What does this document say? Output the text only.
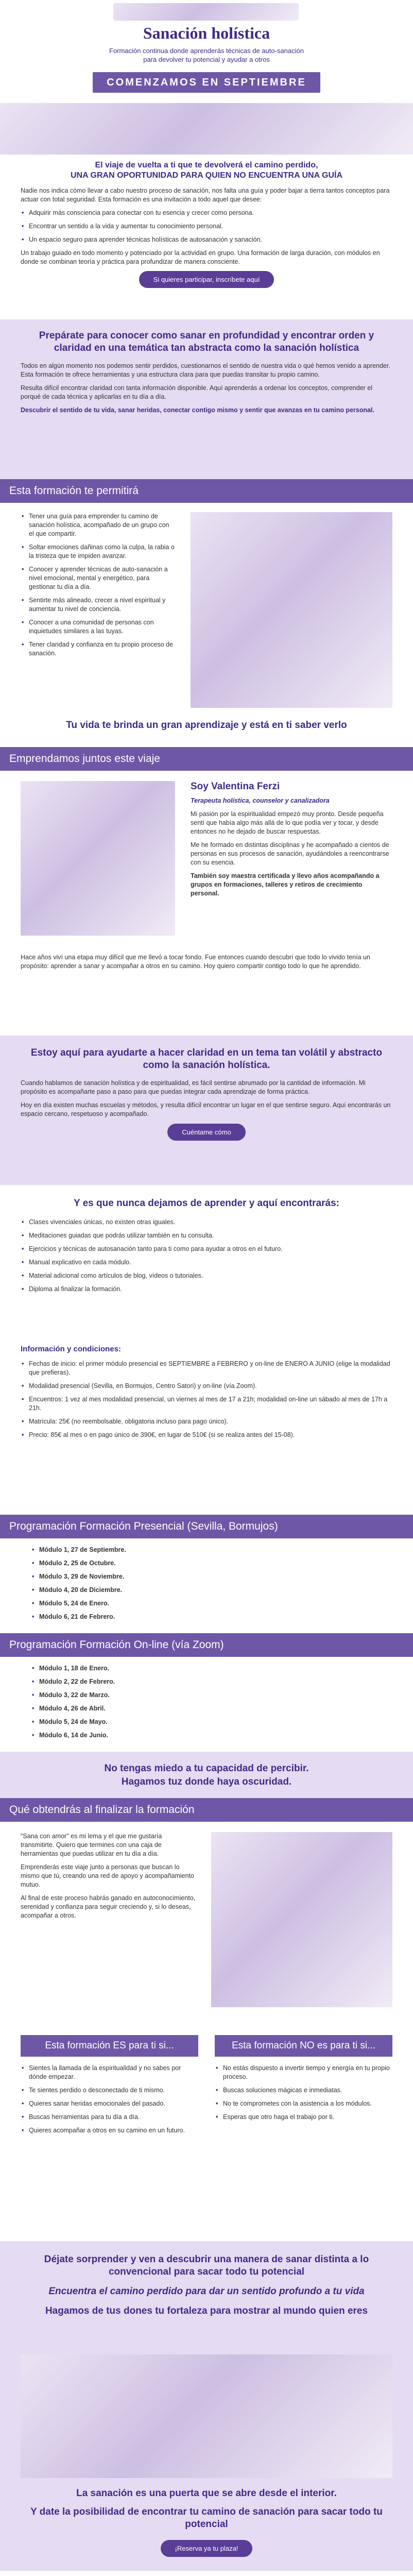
Sanación holística

Formación continua donde aprenderás técnicas de auto-sanación para devolver tu potencial y ayudar a otros

COMENZAMOS EN SEPTIEMBRE
El viaje de vuelta a ti que te devolverá el camino perdido,
UNA GRAN OPORTUNIDAD PARA QUIEN NO ENCUENTRA UNA GUÍA

Nadie nos indica cómo llevar a cabo nuestro proceso de sanación, nos falta una guía y poder bajar a tierra tantos conceptos para actuar con total seguridad. Esta formación es una invitación a todo aquel que desee:

• Adquirir más consciencia para conectar con tu esencia y crecer como persona.
• Encontrar un sentido a la vida y aumentar tu conocimiento personal.
• Un espacio seguro para aprender técnicas holísticas de autosanación y sanación.

Un trabajo guiado en todo momento y potenciado por la actividad en grupo. Una formación de larga duración, con módulos en donde se combinan teoría y práctica para profundizar de manera consciente.

Si quieres participar, inscríbete aquí
Prepárate para conocer como sanar en profundidad y encontrar orden y claridad en una temática tan abstracta como la sanación holística

Todos en algún momento nos podemos sentir perdidos, cuestionarnos el sentido de nuestra vida o qué hemos venido a aprender. Esta formación te ofrece herramientas y una estructura clara para que puedas transitar tu propio camino.

Resulta difícil encontrar claridad con tanta información disponible. Aquí aprenderás a ordenar los conceptos, comprender el porqué de cada técnica y aplicarlas en tu día a día.

Descubrir el sentido de tu vida, sanar heridas, conectar contigo mismo y sentir que avanzas en tu camino personal.

Esta formación te permitirá
• Tener una guía para emprender tu camino de sanación holística, acompañado de un grupo con el que compartir.
• Soltar emociones dañinas como la culpa, la rabia o la tristeza que te impiden avanzar.
• Conocer y aprender técnicas de auto-sanación a nivel emocional, mental y energético, para gestionar tu día a día.
• Sentirte más alineado, crecer a nivel espiritual y aumentar tu nivel de conciencia.
• Conocer a una comunidad de personas con inquietudes similares a las tuyas.
• Tener claridad y confianza en tu propio proceso de sanación.
Tu vida te brinda un gran aprendizaje y está en ti saber verlo
Emprendamos juntos este viaje
Soy Valentina Ferzi

Terapeuta holística, counselor y canalizadora

Mi pasión por la espiritualidad empezó muy pronto. Desde pequeña sentí que había algo más allá de lo que podía ver y tocar, y desde entonces no he dejado de buscar respuestas.

Me he formado en distintas disciplinas y he acompañado a cientos de personas en sus procesos de sanación, ayudándoles a reencontrarse con su esencia.

También soy maestra certificada y llevo años acompañando a grupos en formaciones, talleres y retiros de crecimiento personal.

Hace años viví una etapa muy difícil que me llevó a tocar fondo. Fue entonces cuando descubrí que todo lo vivido tenía un propósito: aprender a sanar y acompañar a otros en su camino. Hoy quiero compartir contigo todo lo que he aprendido.

Estoy aquí para ayudarte a hacer claridad en un tema tan volátil y abstracto como la sanación holística.

Cuando hablamos de sanación holística y de espiritualidad, es fácil sentirse abrumado por la cantidad de información. Mi propósito es acompañarte paso a paso para que puedas integrar cada aprendizaje de forma práctica.

Hoy en día existen muchas escuelas y métodos, y resulta difícil encontrar un lugar en el que sentirse seguro. Aquí encontrarás un espacio cercano, respetuoso y acompañado.

Cuéntame cómo
Y es que nunca dejamos de aprender y aquí encontrarás:
• Clases vivenciales únicas, no existen otras iguales.
• Meditaciones guiadas que podrás utilizar también en tu consulta.
• Ejercicios y técnicas de autosanación tanto para ti como para ayudar a otros en el futuro.
• Manual explicativo en cada módulo.
• Material adicional como artículos de blog, vídeos o tutoriales.
• Diploma al finalizar la formación.
Información y condiciones:
• Fechas de inicio: el primer módulo presencial es SEPTIEMBRE a FEBRERO y on-line de ENERO A JUNIO (elige la modalidad que prefieras).
• Modalidad presencial (Sevilla, en Bormujos, Centro Satori) y on-line (vía Zoom).
• Encuentros: 1 vez al mes modalidad presencial, un viernes al mes de 17 a 21h; modalidad on-line un sábado al mes de 17h a 21h.
• Matrícula: 25€ (no reembolsable, obligatoria incluso para pago único).
• Precio: 85€ al mes o en pago único de 390€, en lugar de 510€ (si se realiza antes del 15-08).
Programación Formación Presencial (Sevilla, Bormujos)
• Módulo 1, 27 de Septiembre.
• Módulo 2, 25 de Octubre.
• Módulo 3, 29 de Noviembre.
• Módulo 4, 20 de Diciembre.
• Módulo 5, 24 de Enero.
• Módulo 6, 21 de Febrero.
Programación Formación On-line (vía Zoom)
• Módulo 1, 18 de Enero.
• Módulo 2, 22 de Febrero.
• Módulo 3, 22 de Marzo.
• Módulo 4, 26 de Abril.
• Módulo 5, 24 de Mayo.
• Módulo 6, 14 de Junio.
No tengas miedo a tu capacidad de percibir.
Hagamos tuz donde haya oscuridad.
Qué obtendrás al finalizar la formación

"Sana con amor" es mi lema y el que me gustaría transmitirte. Quiero que termines con una caja de herramientas que puedas utilizar en tu día a día.

Emprenderás este viaje junto a personas que buscan lo mismo que tú, creando una red de apoyo y acompañamiento mutuo.

Al final de este proceso habrás ganado en autoconocimiento, serenidad y confianza para seguir creciendo y, si lo deseas, acompañar a otros.

Esta formación ES para ti si...
• Sientes la llamada de la espiritualidad y no sabes por dónde empezar.
• Te sientes perdido o desconectado de ti mismo.
• Quieres sanar heridas emocionales del pasado.
• Buscas herramientas para tu día a día.
• Quieres acompañar a otros en su camino en un futuro.
Esta formación NO es para ti si...
• No estás dispuesto a invertir tiempo y energía en tu propio proceso.
• Buscas soluciones mágicas e inmediatas.
• No te comprometes con la asistencia a los módulos.
• Esperas que otro haga el trabajo por ti.
Déjate sorprender y ven a descubrir una manera de sanar distinta a lo convencional para sacar todo tu potencial
Encuentra el camino perdido para dar un sentido profundo a tu vida
Hagamos de tus dones tu fortaleza para mostrar al mundo quien eres
La sanación es una puerta que se abre desde el interior.
Y date la posibilidad de encontrar tu camino de sanación para sacar todo tu potencial
¡Reserva ya tu plaza!
